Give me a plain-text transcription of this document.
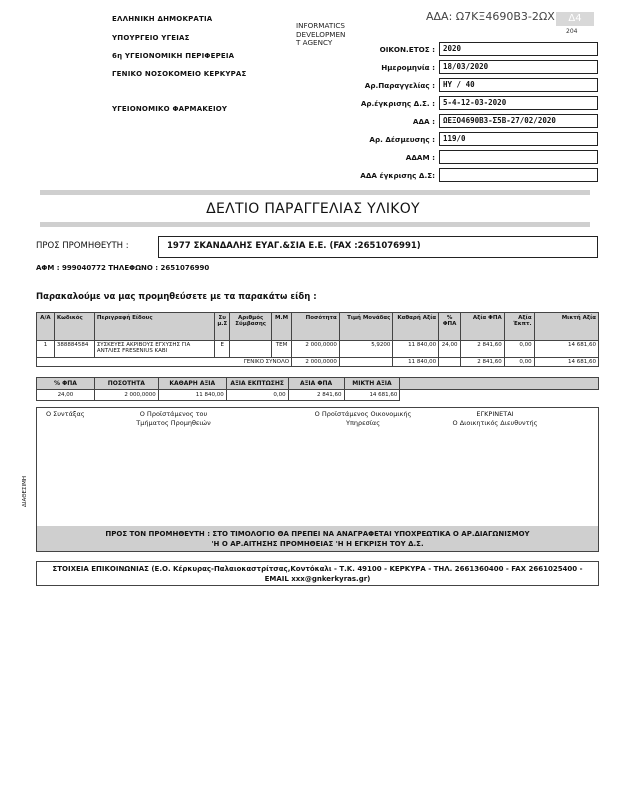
ΕΛΛΗΝΙΚΗ ΔΗΜΟΚΡΑΤΙΑ
ΥΠΟΥΡΓΕΙΟ ΥΓΕΙΑΣ
6η ΥΓΕΙΟΝΟΜΙΚΗ ΠΕΡΙΦΕΡΕΙΑ
ΓΕΝΙΚΟ ΝΟΣΟΚΟΜΕΙΟ ΚΕΡΚΥΡΑΣ
ΥΓΕΙΟΝΟΜΙΚΟ ΦΑΡΜΑΚΕΙΟΥ
INFORMATICS
DEVELOPMEN
T AGENCY
ΑΔΑ: Ω7ΚΞ4690Β3-2ΩΧ	Δ4
204
ΟΙΚΟΝ.ΕΤΟΣ :	2020
Ημερομηνία :	18/03/2020
Αρ.Παραγγελίας :	ΗΥ / 40
Αρ.έγκρισης Δ.Σ. :	5-4-12-03-2020
ΑΔΑ :	ΩΕΞΟ4690Β3-Σ5Β-27/02/2020
Αρ. Δέσμευσης :	119/0
ΑΔΑΜ :
ΑΔΑ έγκρισης Δ.Σ:
ΔΕΛΤΙΟ ΠΑΡΑΓΓΕΛΙΑΣ ΥΛΙΚΟΥ
ΠΡΟΣ ΠΡΟΜΗΘΕΥΤΗ :	1977 ΣΚΑΝΔΑΛΗΣ ΕΥΑΓ.&ΣΙΑ Ε.Ε. (FAX :2651076991)
ΑΦΜ : 999040772 ΤΗΛΕΦΩΝΟ : 2651076990
Παρακαλούμε να μας προμηθεύσετε με τα παρακάτω είδη :
Α/Α	Κωδικός	Περιγραφή Είδους	Συ μ.Σ	Αριθμός Σύμβασης	Μ.Μ	Ποσότητα	Τιμή Μονάδας	Καθαρή Αξία	% ΦΠΑ	Αξία ΦΠΑ	Αξία Έκπτ.	Μικτή Αξία
1	388884584	ΣΥΣΚΕΥΕΣ ΑΚΡΙΒΟΥΣ ΕΓΧΥΣΗΣ ΓΙΑ ΑΝΤΛΙΕΣ FRESENIUS KABI	Ε		ΤΕΜ	2 000,0000	5,9200	11 840,00	24,00	2 841,60	0,00	14 681,60
ΓΕΝΙΚΟ ΣΥΝΟΛΟ						2 000,0000		11 840,00		2 841,60	0,00	14 681,60
% ΦΠΑ	ΠΟΣΟΤΗΤΑ	ΚΑΘΑΡΗ ΑΞΙΑ	ΑΞΙΑ ΕΚΠΤΩΣΗΣ	ΑΞΙΑ ΦΠΑ	ΜΙΚΤΗ ΑΞΙΑ	
24,00	2 000,0000	11 840,00	0,00	2 841,60	14 681,60	
Ο Συντάξας	Ο Προϊστάμενος του
Τμήματος Προμηθειών
Ο Προϊστάμενος Οικονομικής
Υπηρεσίας
ΕΓΚΡΙΝΕΤΑΙ
Ο Διοικητικός Διευθυντής
ΔΙΑΘΕΣΙΜΗ
ΠΡΟΣ ΤΟΝ ΠΡΟΜΗΘΕΥΤΗ : ΣΤΟ ΤΙΜΟΛΟΓΙΟ ΘΑ ΠΡΕΠΕΙ ΝΑ ΑΝΑΓΡΑΦΕΤΑΙ ΥΠΟΧΡΕΩΤΙΚΑ Ο ΑΡ.ΔΙΑΓΩΝΙΣΜΟΥ
'Η Ο ΑΡ.ΑΙΤΗΣΗΣ ΠΡΟΜΗΘΕΙΑΣ 'Η Η ΕΓΚΡΙΣΗ ΤΟΥ Δ.Σ.
ΣΤΟΙΧΕΙΑ ΕΠΙΚΟΙΝΩΝΙΑΣ (Ε.Ο. Κέρκυρας-Παλαιοκαστρίτσας,Κοντόκαλι - Τ.Κ. 49100 - ΚΕΡΚΥΡΑ - ΤΗΛ. 2661360400 - FAX 2661025400 -
EMAIL xxx@gnkerkyras.gr)
